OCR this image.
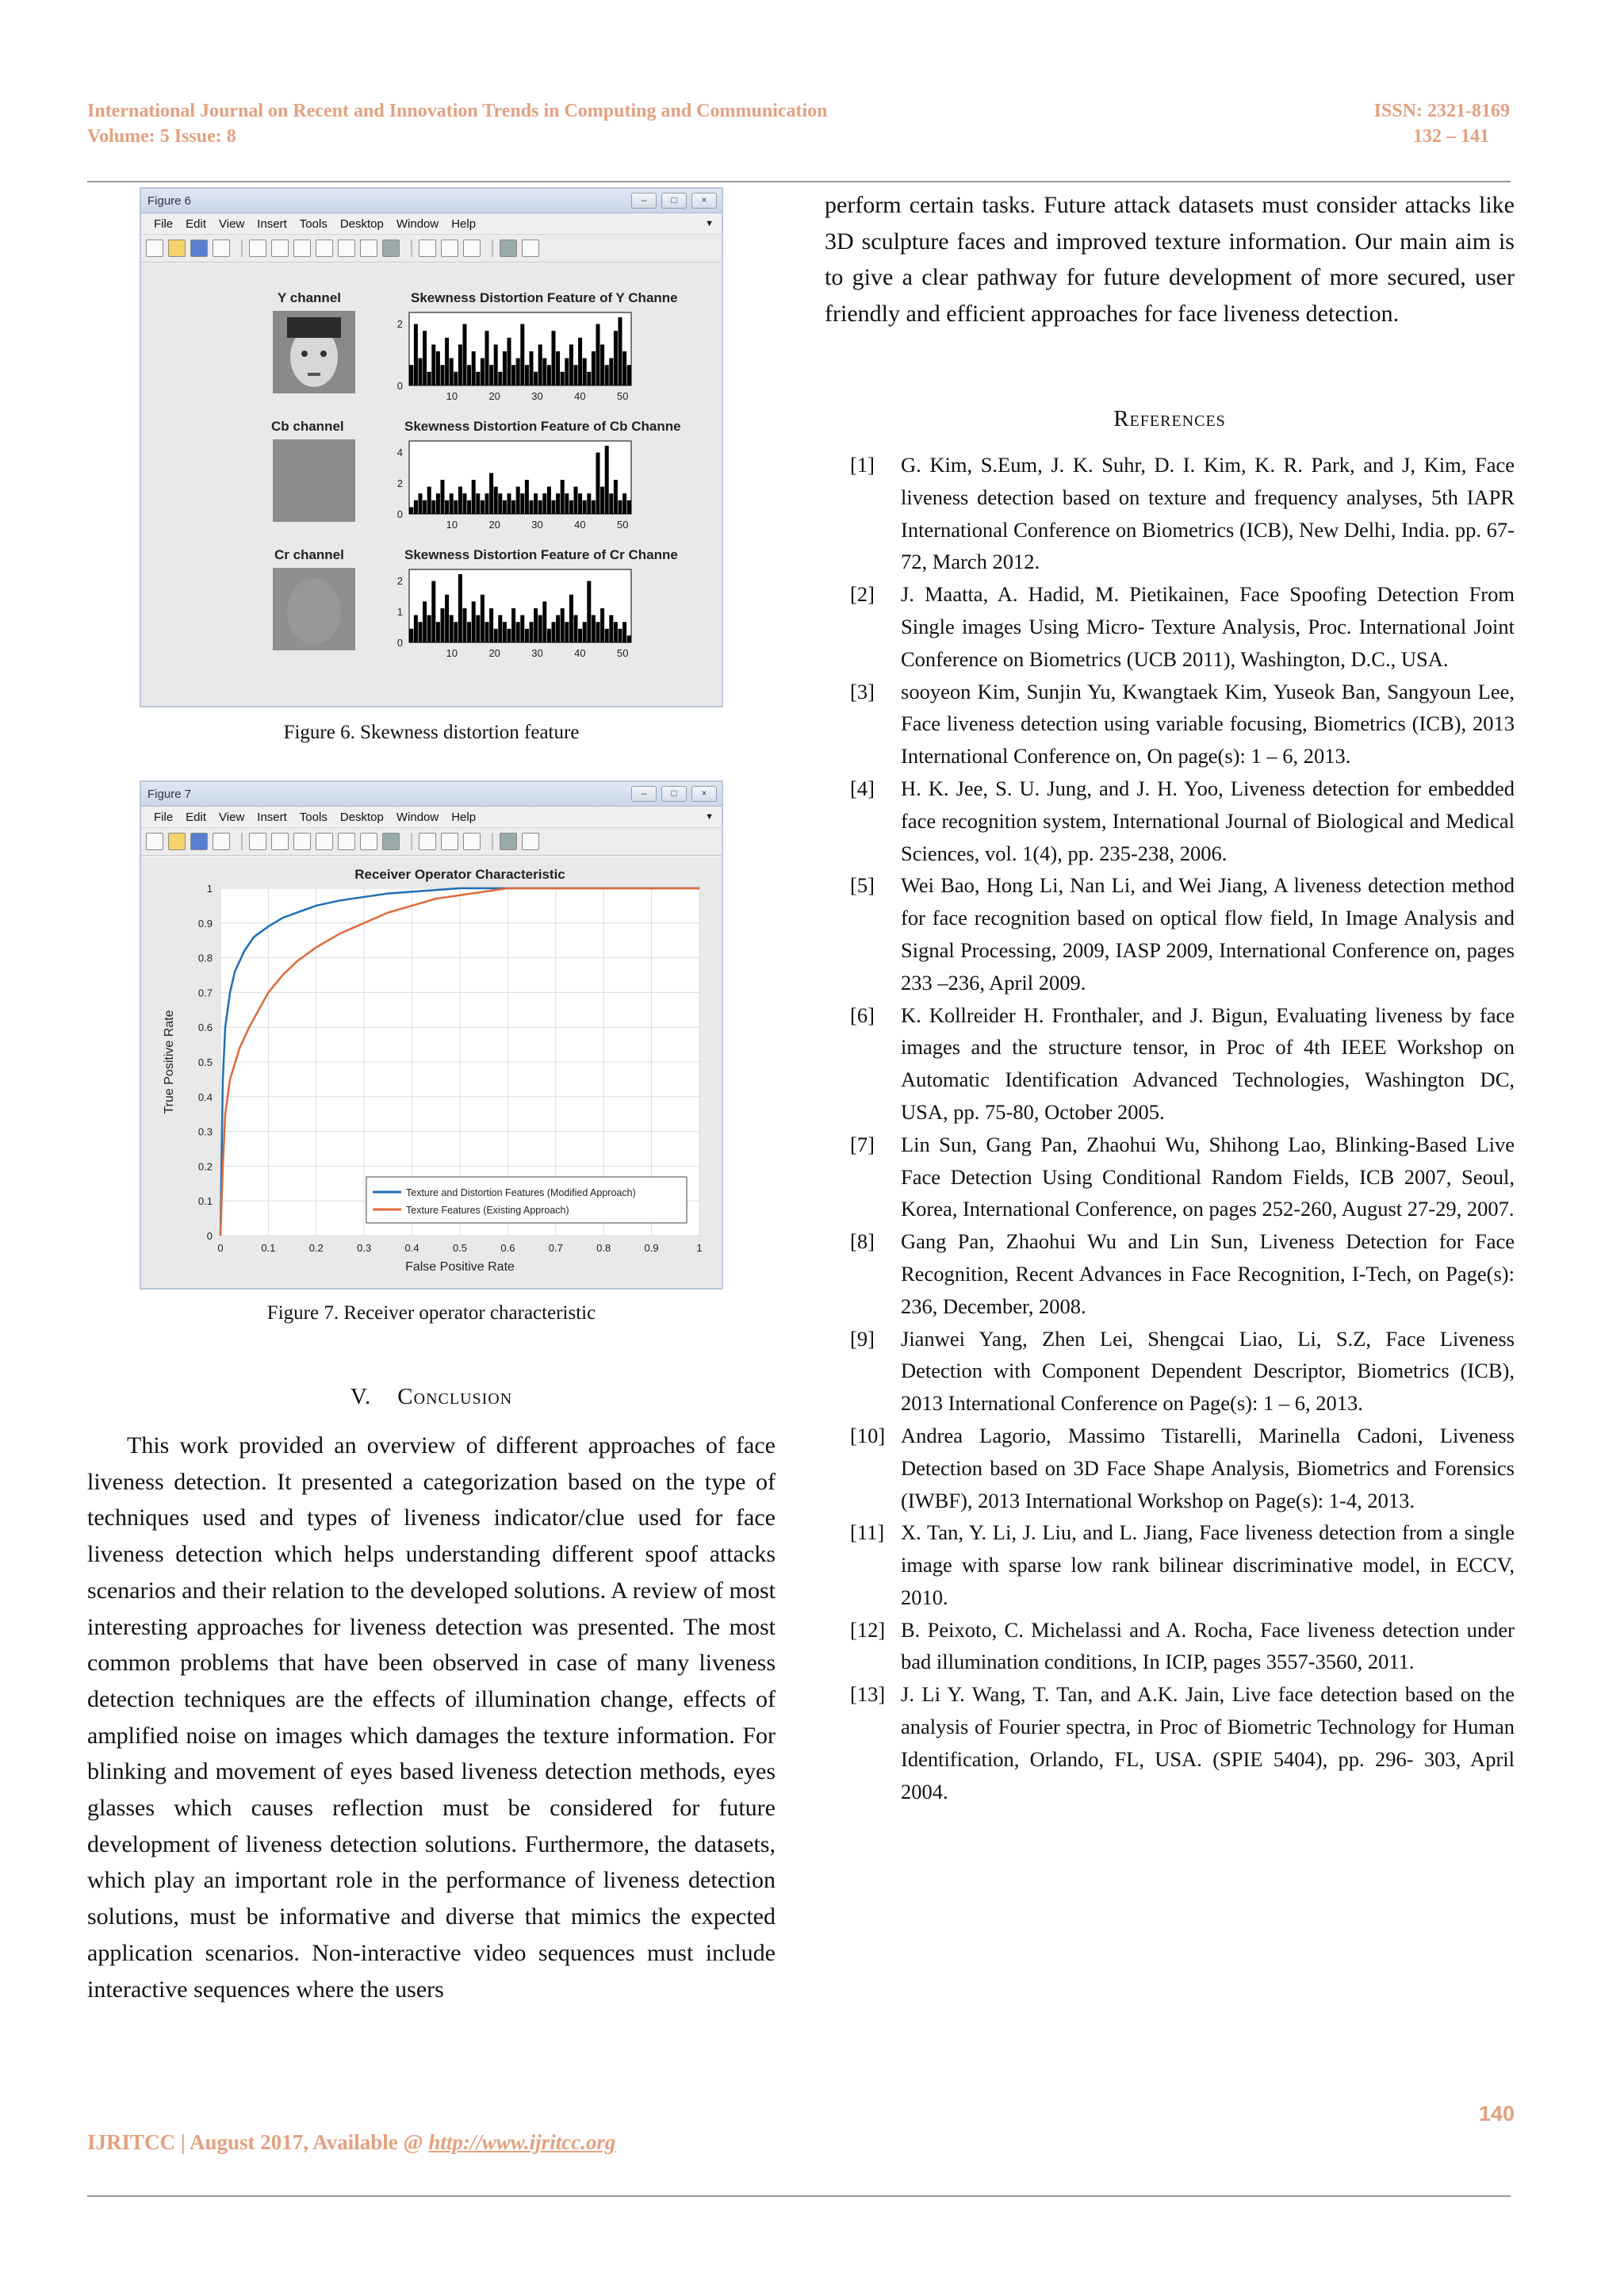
International Journal on Recent and Innovation Trends in Computing and Communication
Volume: 5 Issue: 8
ISSN: 2321-8169
132 – 141
Figure 6	–	□	×
File Edit View Insert Tools Desktop Window Help	▼
Y channel	Skewness Distortion Feature of Y Channe
Cb channel	Skewness Distortion Feature of Cb Channe
Cr channel	Skewness Distortion Feature of Cr Channe
0
2
10	20	30	40	50
0
2
4
10	20	30	40	50
0
1
2
10	20	30	40	50
Figure 6. Skewness distortion feature
Figure 7	–	□	×
File Edit View Insert Tools Desktop Window Help	▼
Receiver Operator Characteristic
0	0.1	0.2	0.3	0.4	0.5	0.6	0.7	0.8	0.9	1
0
0.1
0.2
0.3
0.4
0.5
0.6
0.7
0.8
0.9
1
False Positive Rate
True Positive Rate
Texture and Distortion Features (Modified Approach)
Texture Features (Existing Approach)
Figure 7. Receiver operator characteristic
V. Conclusion

This work provided an overview of different approaches of face liveness detection. It presented a categorization based on the type of techniques used and types of liveness indicator/clue used for face liveness detection which helps understanding different spoof attacks scenarios and their relation to the developed solutions. A review of most interesting approaches for liveness detection was presented. The most common problems that have been observed in case of many liveness detection techniques are the effects of illumination change, effects of amplified noise on images which damages the texture information. For blinking and movement of eyes based liveness detection methods, eyes glasses which causes reflection must be considered for future development of liveness detection solutions. Furthermore, the datasets, which play an important role in the performance of liveness detection solutions, must be informative and diverse that mimics the expected application scenarios. Non-interactive video sequences must include interactive sequences where the users

perform certain tasks. Future attack datasets must consider attacks like 3D sculpture faces and improved texture information. Our main aim is to give a clear pathway for future development of more secured, user friendly and efficient approaches for face liveness detection.

References
[1]	G. Kim, S.Eum, J. K. Suhr, D. I. Kim, K. R. Park, and J, Kim, Face liveness detection based on texture and frequency analyses, 5th IAPR International Conference on Biometrics (ICB), New Delhi, India. pp. 67-72, March 2012.
[2]	J. Maatta, A. Hadid, M. Pietikainen, Face Spoofing Detection From Single images Using Micro- Texture Analysis, Proc. International Joint Conference on Biometrics (UCB 2011), Washington, D.C., USA.
[3]	sooyeon Kim, Sunjin Yu, Kwangtaek Kim, Yuseok Ban, Sangyoun Lee, Face liveness detection using variable focusing, Biometrics (ICB), 2013 International Conference on, On page(s): 1 – 6, 2013.
[4]	H. K. Jee, S. U. Jung, and J. H. Yoo, Liveness detection for embedded face recognition system, International Journal of Biological and Medical Sciences, vol. 1(4), pp. 235-238, 2006.
[5]	Wei Bao, Hong Li, Nan Li, and Wei Jiang, A liveness detection method for face recognition based on optical flow field, In Image Analysis and Signal Processing, 2009, IASP 2009, International Conference on, pages 233 –236, April 2009.
[6]	K. Kollreider H. Fronthaler, and J. Bigun, Evaluating liveness by face images and the structure tensor, in Proc of 4th IEEE Workshop on Automatic Identification Advanced Technologies, Washington DC, USA, pp. 75-80, October 2005.
[7]	Lin Sun, Gang Pan, Zhaohui Wu, Shihong Lao, Blinking-Based Live Face Detection Using Conditional Random Fields, ICB 2007, Seoul, Korea, International Conference, on pages 252-260, August 27-29, 2007.
[8]	Gang Pan, Zhaohui Wu and Lin Sun, Liveness Detection for Face Recognition, Recent Advances in Face Recognition, I-Tech, on Page(s): 236, December, 2008.
[9]	Jianwei Yang, Zhen Lei, Shengcai Liao, Li, S.Z, Face Liveness Detection with Component Dependent Descriptor, Biometrics (ICB), 2013 International Conference on Page(s): 1 – 6, 2013.
[10] Andrea Lagorio, Massimo Tistarelli, Marinella Cadoni, Liveness Detection based on 3D Face Shape Analysis, Biometrics and Forensics (IWBF), 2013 International Workshop on Page(s): 1-4, 2013.
[11] X. Tan, Y. Li, J. Liu, and L. Jiang, Face liveness detection from a single image with sparse low rank bilinear discriminative model, in ECCV, 2010.
[12] B. Peixoto, C. Michelassi and A. Rocha, Face liveness detection under bad illumination conditions, In ICIP, pages 3557-3560, 2011.
[13] J. Li Y. Wang, T. Tan, and A.K. Jain, Live face detection based on the analysis of Fourier spectra, in Proc of Biometric Technology for Human Identification, Orlando, FL, USA. (SPIE 5404), pp. 296- 303, April 2004.
140
IJRITCC | August 2017, Available @ http://www.ijritcc.org
